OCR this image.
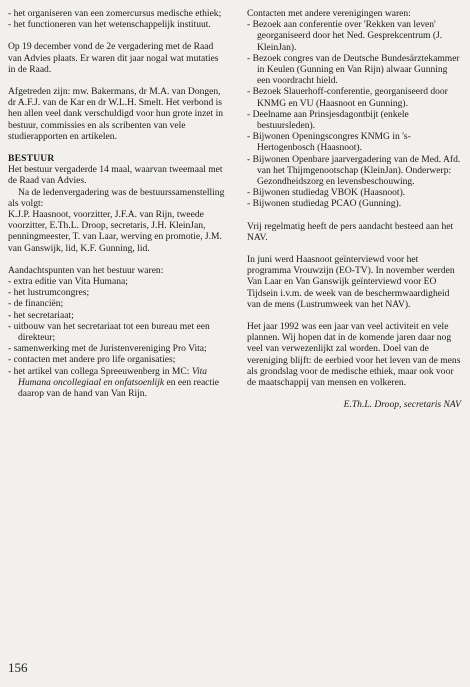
- het organiseren van een zomercursus medische ethiek;
- het functioneren van het wetenschappelijk instituut.

Op 19 december vond de 2e vergadering met de Raad van Advies plaats. Er waren dit jaar nogal wat mutaties in de Raad.

Afgetreden zijn: mw. Bakermans, dr M.A. van Dongen, dr A.F.J. van de Kar en dr W.L.H. Smelt. Het verbond is hen allen veel dank verschuldigd voor hun grote inzet in bestuur, commissies en als scribenten van vele studierapporten en artikelen.

BESTUUR

Het bestuur vergaderde 14 maal, waarvan tweemaal met de Raad van Advies.

Na de ledenvergadering was de bestuurssamenstelling als volgt:

K.J.P. Haasnoot, voorzitter, J.F.A. van Rijn, tweede voorzitter, E.Th.L. Droop, secretaris, J.H. KleinJan, penningmeester, T. van Laar, werving en promotie, J.M. van Ganswijk, lid, K.F. Gunning, lid.

Aandachtspunten van het bestuur waren:

- extra editie van Vita Humana;
- het lustrumcongres;
- de financiën;
- het secretariaat;
- uitbouw van het secretariaat tot een bureau met een direkteur;
- samenwerking met de Juristenvereniging Pro Vita;
- contacten met andere pro life organisaties;
- het artikel van collega Spreeuwenberg in MC: Vita Humana oncollegiaal en onfatsoenlijk en een reactie daarop van de hand van Van Rijn.

Contacten met andere verenigingen waren:

- Bezoek aan conferentie over 'Rekken van leven' georganiseerd door het Ned. Gesprekcentrum (J. KleinJan).
- Bezoek congres van de Deutsche Bundesärztekammer in Keulen (Gunning en Van Rijn) alwaar Gunning een voordracht hield.
- Bezoek Slauerhoff-conferentie, georganiseerd door KNMG en VU (Haasnoot en Gunning).
- Deelname aan Prinsjesdagontbijt (enkele bestuursleden).
- Bijwonen Openingscongres KNMG in 's-Hertogenbosch (Haasnoot).
- Bijwonen Openbare jaarvergadering van de Med. Afd. van het Thijmgenootschap (KleinJan). Onderwerp: Gezondheidszorg en levensbeschouwing.
- Bijwonen studiedag VBOK (Haasnoot).
- Bijwonen studiedag PCAO (Gunning).

Vrij regelmatig heeft de pers aandacht besteed aan het NAV.

In juni werd Haasnoot geïnterviewd voor het programma Vrouwzijn (EO-TV). In november werden Van Laar en Van Ganswijk geïnterviewd voor EO Tijdsein i.v.m. de week van de beschermwaardigheid van de mens (Lustrumweek van het NAV).

Het jaar 1992 was een jaar van veel activiteit en vele plannen. Wij hopen dat in de komende jaren daar nog veel van verwezenlijkt zal worden. Doel van de vereniging blijft: de eerbied voor het leven van de mens als grondslag voor de medische ethiek, maar ook voor de maatschappij van mensen en volkeren.

E.Th.L. Droop, secretaris NAV

156
